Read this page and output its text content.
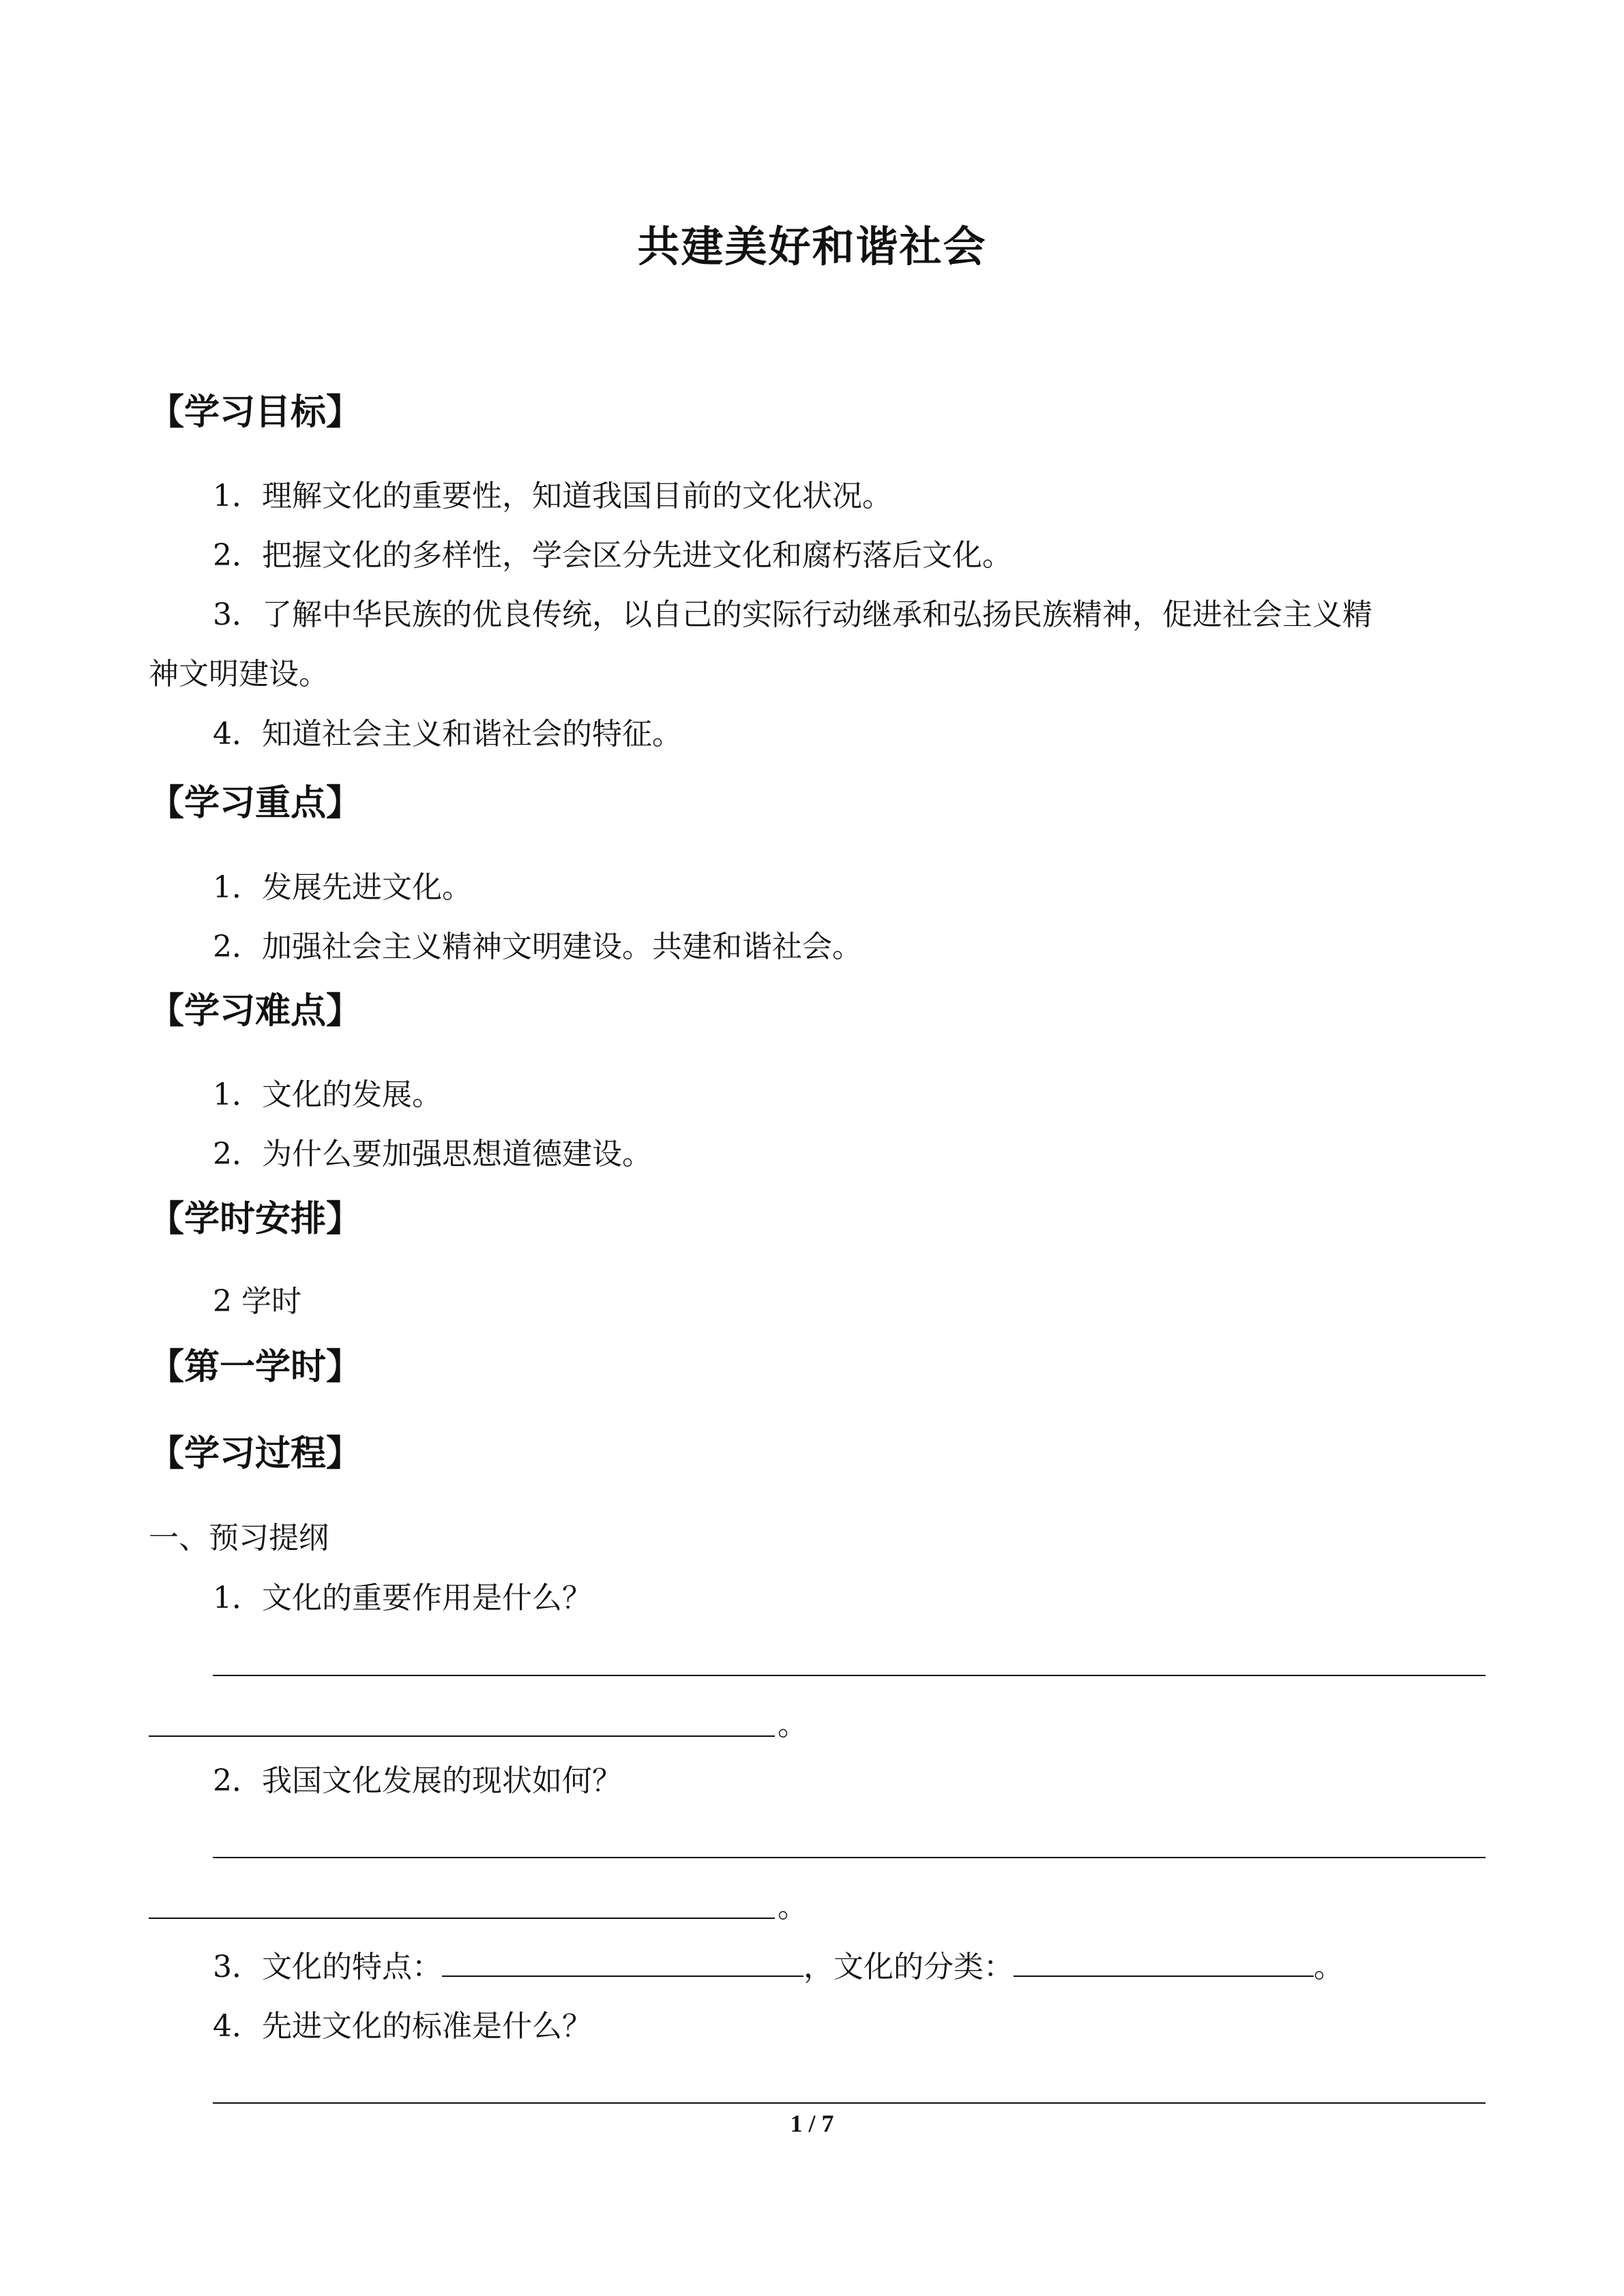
共建美好和谐社会
【学习目标】
1．理解文化的重要性，知道我国目前的文化状况。
2．把握文化的多样性，学会区分先进文化和腐朽落后文化。
3．了解中华民族的优良传统，以自己的实际行动继承和弘扬民族精神，促进社会主义精
神文明建设。
4．知道社会主义和谐社会的特征。
【学习重点】
1．发展先进文化。
2．加强社会主义精神文明建设。共建和谐社会。
【学习难点】
1．文化的发展。
2．为什么要加强思想道德建设。
【学时安排】
2 学时
【第一学时】
【学习过程】
一、预习提纲
1．文化的重要作用是什么？
。
2．我国文化发展的现状如何？
。
3．文化的特点：	，文化的分类：	。
4．先进文化的标准是什么？
1 / 7
